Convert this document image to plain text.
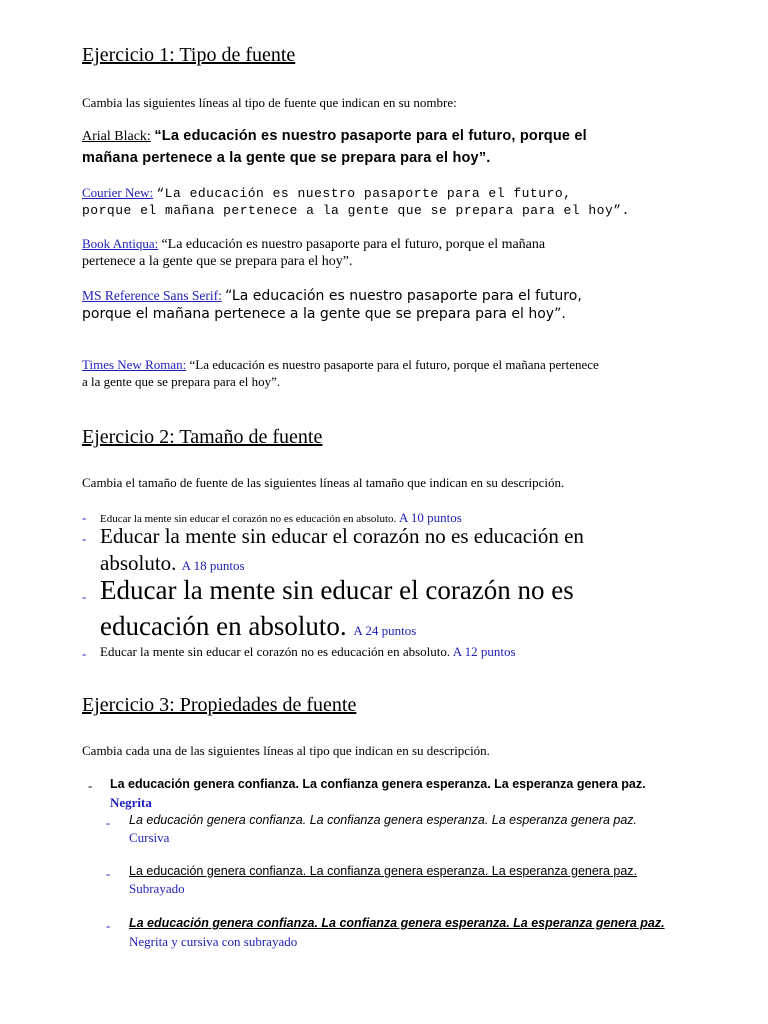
Ejercicio 1: Tipo de fuente
Cambia las siguientes líneas al tipo de fuente que indican en su nombre:
Arial Black: “La educación es nuestro pasaporte para el futuro, porque el
mañana pertenece a la gente que se prepara para el hoy”.
Courier New: “La educación es nuestro pasaporte para el futuro,
porque el mañana pertenece a la gente que se prepara para el hoy”.
Book Antiqua: “La educación es nuestro pasaporte para el futuro, porque el mañana
pertenece a la gente que se prepara para el hoy”.
MS Reference Sans Serif: “La educación es nuestro pasaporte para el futuro,
porque el mañana pertenece a la gente que se prepara para el hoy”.
Times New Roman: “La educación es nuestro pasaporte para el futuro, porque el mañana pertenece
a la gente que se prepara para el hoy”.
Ejercicio 2: Tamaño de fuente
Cambia el tamaño de fuente de las siguientes líneas al tamaño que indican en su descripción.
- Educar la mente sin educar el corazón no es educación en absoluto. A 10 puntos
- Educar la mente sin educar el corazón no es educación en
absoluto. A 18 puntos
- Educar la mente sin educar el corazón no es
educación en absoluto. A 24 puntos
- Educar la mente sin educar el corazón no es educación en absoluto. A 12 puntos
Ejercicio 3: Propiedades de fuente
Cambia cada una de las siguientes líneas al tipo que indican en su descripción.
- La educación genera confianza. La confianza genera esperanza. La esperanza genera paz.
Negrita
- La educación genera confianza. La confianza genera esperanza. La esperanza genera paz.
Cursiva
- La educación genera confianza. La confianza genera esperanza. La esperanza genera paz.
Subrayado
- La educación genera confianza. La confianza genera esperanza. La esperanza genera paz.
Negrita y cursiva con subrayado
